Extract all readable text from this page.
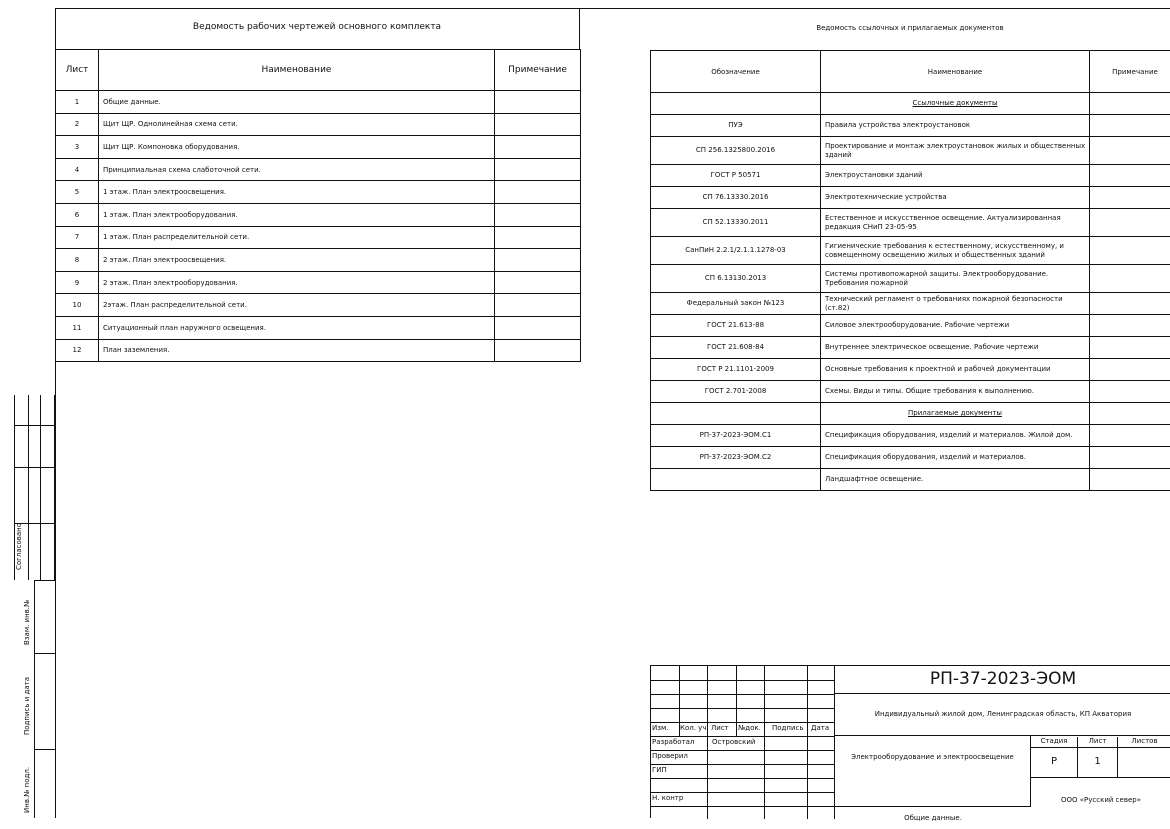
Ведомость рабочих чертежей основного комплекта
Лист	Наименование	Примечание
1	Общие данные.	
2	Щит ЩР. Однолинейная схема сети.	
3	Щит ЩР. Компоновка оборудования.	
4	Принципиальная схема слаботочной сети.	
5	1 этаж. План электроосвещения.	
6	1 этаж. План электрооборудования.	
7	1 этаж. План распределительной сети.	
8	2 этаж. План электроосвещения.	
9	2 этаж. План электрооборудования.	
10	2этаж. План распределительной сети.	
11	Ситуационный план наружного освещения.	
12	План заземления.	
Ведомость ссылочных и прилагаемых документов
Обозначение	Наименование	Примечание
	Ссылочные документы	
ПУЭ	Правила устройства электроустановок	
СП 256.1325800.2016	Проектирование и монтаж электроустановок жилых и общественных зданий	
ГОСТ Р 50571	Электроустановки зданий	
СП 76.13330.2016	Электротехнические устройства	
СП 52.13330.2011	Естественное и искусственное освещение. Актуализированная редакция СНиП 23-05-95	
СанПиН 2.2.1/2.1.1.1278-03	Гигиенические требования к естественному, искусственному, и совмещенному освещению жилых и общественных зданий	
СП 6.13130.2013	Системы противопожарной защиты. Электрооборудование. Требования пожарной	
Федеральный закон №123	Технический регламент о требованиях пожарной безопасности (ст.82)	
ГОСТ 21.613-88	Силовое электрооборудование. Рабочие чертежи	
ГОСТ 21.608-84	Внутреннее электрическое освещение. Рабочие чертежи	
ГОСТ Р 21.1101-2009	Основные требования к проектной и рабочей документации	
ГОСТ 2.701-2008	Схемы. Виды и типы. Общие требования к выполнению.	
	Прилагаемые документы	
РП-37-2023-ЭОМ.С1	Спецификация оборудования, изделий и материалов. Жилой дом.	
РП-37-2023-ЭОМ.С2	Спецификация оборудования, изделий и материалов.	
	Ландшафтное освещение.	
Согласовано
Взам. инв.№
Подпись и дата
Инв.№ подл.
Изм. Кол. уч Лист №док. Подпись Дата
Разработал	Островский
Проверил
ГИП
Н. контр
РП-37-2023-ЭОМ
Индивидуальный жилой дом, Ленинградская область, КП Акватория
Электрооборудование и электроосвещение
Общие данные.
Стадия	Лист	Листов
Р	1
ООО «Русский север»
